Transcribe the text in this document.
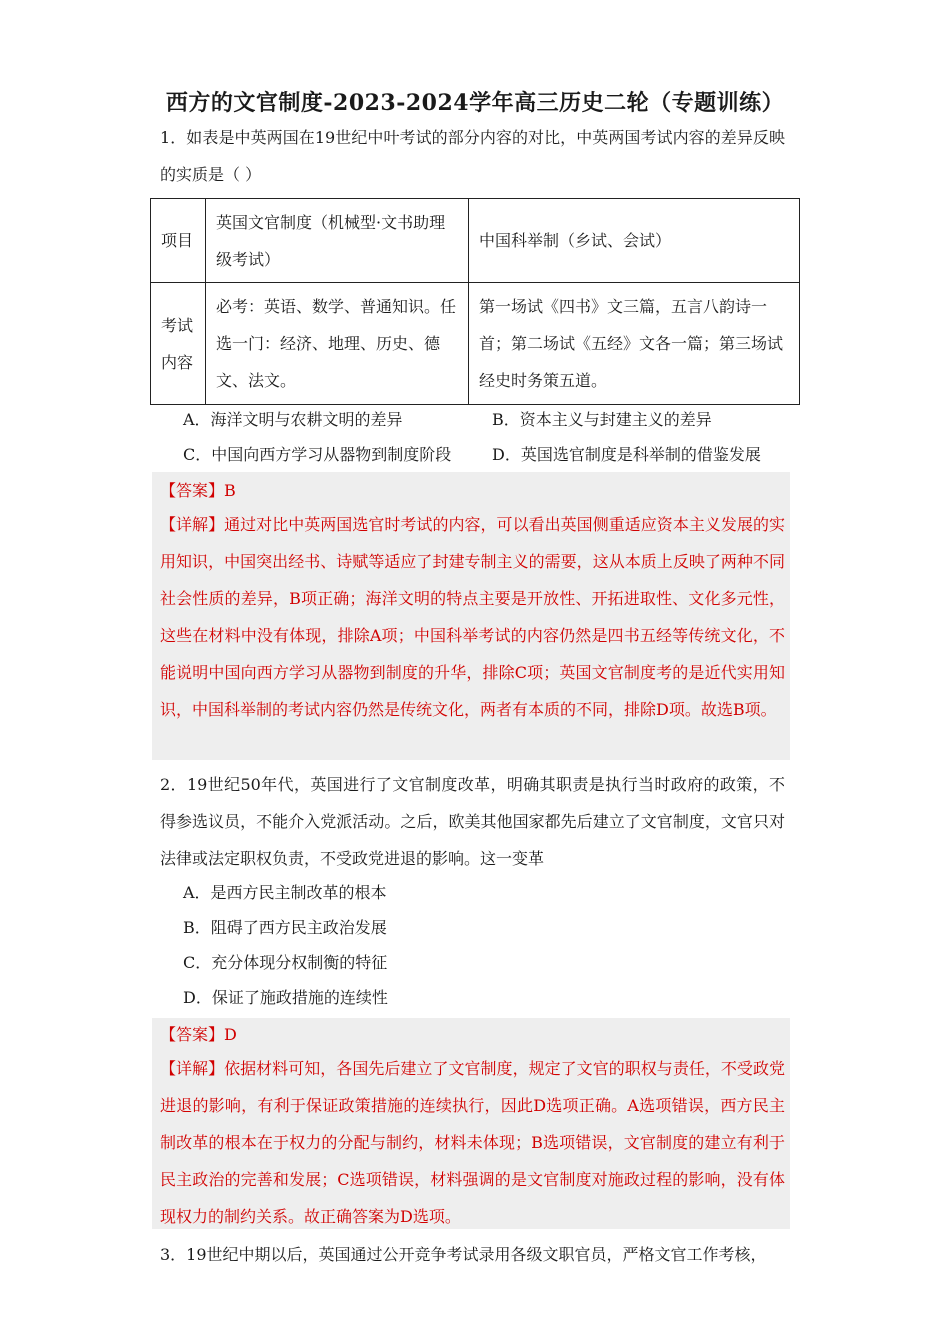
西方的文官制度-2023-2024学年高三历史二轮（专题训练）
1．如表是中英两国在19世纪中叶考试的部分内容的对比，中英两国考试内容的差异反映的实质是（ ）
项目	英国文官制度（机械型·文书助理级考试）	中国科举制（乡试、会试）
考试内容	必考：英语、数学、普通知识。任选一门：经济、地理、历史、德文、法文。	第一场试《四书》文三篇，五言八韵诗一首；第二场试《五经》文各一篇；第三场试经史时务策五道。
A．海洋文明与农耕文明的差异	B．资本主义与封建主义的差异
C．中国向西方学习从器物到制度阶段	D．英国选官制度是科举制的借鉴发展
【答案】B
【详解】通过对比中英两国选官时考试的内容，可以看出英国侧重适应资本主义发展的实用知识，中国突出经书、诗赋等适应了封建专制主义的需要，这从本质上反映了两种不同社会性质的差异，B项正确；海洋文明的特点主要是开放性、开拓进取性、文化多元性，这些在材料中没有体现，排除A项；中国科举考试的内容仍然是四书五经等传统文化，不能说明中国向西方学习从器物到制度的升华，排除C项；英国文官制度考的是近代实用知识，中国科举制的考试内容仍然是传统文化，两者有本质的不同，排除D项。故选B项。
2．19世纪50年代，英国进行了文官制度改革，明确其职责是执行当时政府的政策，不得参选议员，不能介入党派活动。之后，欧美其他国家都先后建立了文官制度，文官只对法律或法定职权负责，不受政党进退的影响。这一变革
A．是西方民主制改革的根本
B．阻碍了西方民主政治发展
C．充分体现分权制衡的特征
D．保证了施政措施的连续性
【答案】D
【详解】依据材料可知，各国先后建立了文官制度，规定了文官的职权与责任，不受政党进退的影响，有利于保证政策措施的连续执行，因此D选项正确。A选项错误，西方民主制改革的根本在于权力的分配与制约，材料未体现；B选项错误，文官制度的建立有利于民主政治的完善和发展；C选项错误，材料强调的是文官制度对施政过程的影响，没有体现权力的制约关系。故正确答案为D选项。
3．19世纪中期以后，英国通过公开竞争考试录用各级文职官员，严格文官工作考核，
